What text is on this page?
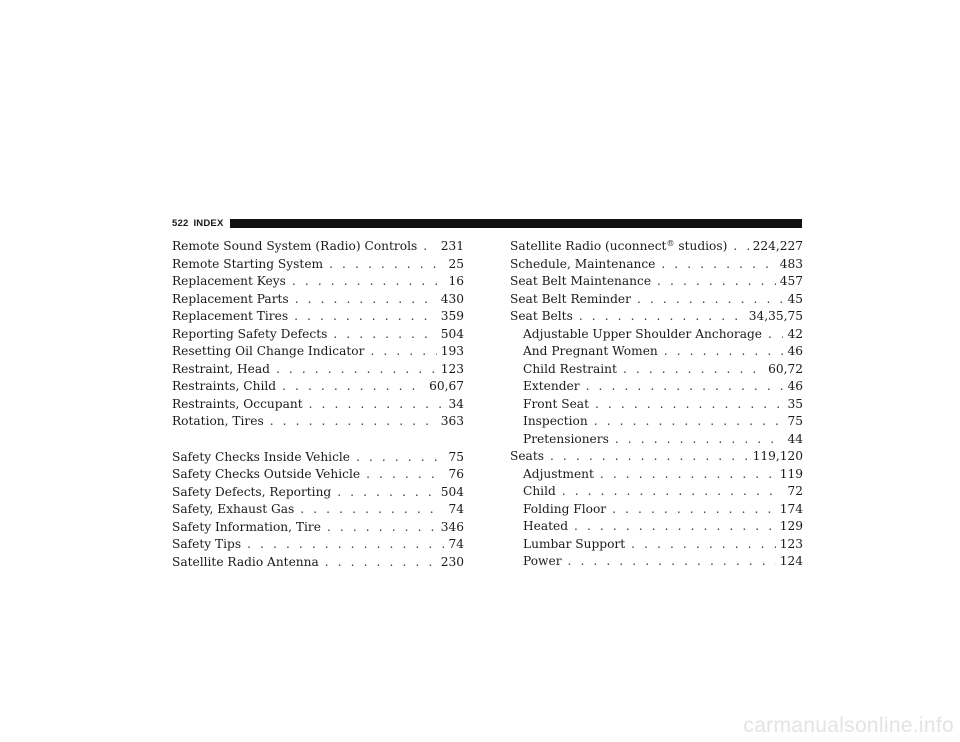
522 INDEX
Remote Sound System (Radio) Controls . . . 231
Remote Starting System . . .	25
Replacement Keys . . .	16
Replacement Parts . . .	430
Replacement Tires . . .	359
Reporting Safety Defects . . .	504
Resetting Oil Change Indicator . . .	193
Restraint, Head . . .	123
Restraints, Child . . .	60,67
Restraints, Occupant . . .	34
Rotation, Tires . . .	363
Safety Checks Inside Vehicle . . .	75
Safety Checks Outside Vehicle . . .	76
Safety Defects, Reporting . . .	504
Safety, Exhaust Gas . . .	74
Safety Information, Tire . . .	346
Safety Tips . . .	74
Satellite Radio Antenna . . .	230
Satellite Radio (uconnect® studios) . . . 224,227
Schedule, Maintenance . . .	483
Seat Belt Maintenance . . .	457
Seat Belt Reminder . . .	45
Seat Belts . . .	34,35,75
Adjustable Upper Shoulder Anchorage . . . 42
And Pregnant Women . . .	46
Child Restraint . . .	60,72
Extender . . .	46
Front Seat . . .	35
Inspection . . .	75
Pretensioners . . .	44
Seats . . .	119,120
Adjustment . . .	119
Child . . .	72
Folding Floor . . .	174
Heated . . .	129
Lumbar Support . . .	123
Power . . .	124
carmanualsonline.info
